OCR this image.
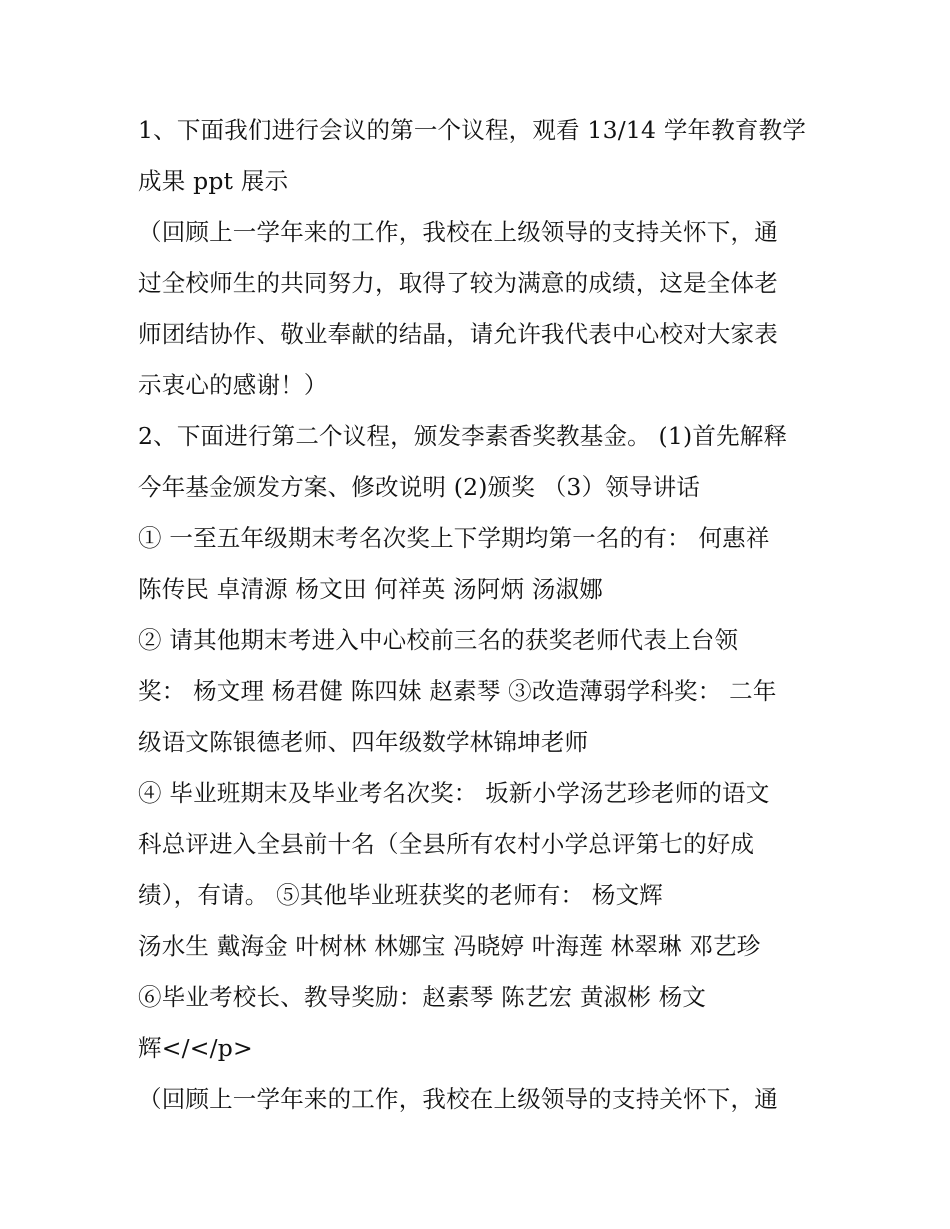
1、下面我们进行会议的第一个议程，观看 13/14 学年教育教学
成果 ppt 展示
（回顾上一学年来的工作，我校在上级领导的支持关怀下，通
过全校师生的共同努力，取得了较为满意的成绩，这是全体老
师团结协作、敬业奉献的结晶，请允许我代表中心校对大家表
示衷心的感谢！）
2、下面进行第二个议程，颁发李素香奖教基金。 (1)首先解释
今年基金颁发方案、修改说明 (2)颁奖 （3）领导讲话
① 一至五年级期末考名次奖上下学期均第一名的有： 何惠祥
陈传民 卓清源 杨文田 何祥英 汤阿炳 汤淑娜
② 请其他期末考进入中心校前三名的获奖老师代表上台领
奖： 杨文理 杨君健 陈四妹 赵素琴 ③改造薄弱学科奖： 二年
级语文陈银德老师、四年级数学林锦坤老师
④ 毕业班期末及毕业考名次奖： 坂新小学汤艺珍老师的语文
科总评进入全县前十名（全县所有农村小学总评第七的好成
绩），有请。 ⑤其他毕业班获奖的老师有： 杨文辉
汤水生 戴海金 叶树林 林娜宝 冯晓婷 叶海莲 林翠琳 邓艺珍
⑥毕业考校长、教导奖励：赵素琴 陈艺宏 黄淑彬 杨文
辉</</p>
（回顾上一学年来的工作，我校在上级领导的支持关怀下，通
